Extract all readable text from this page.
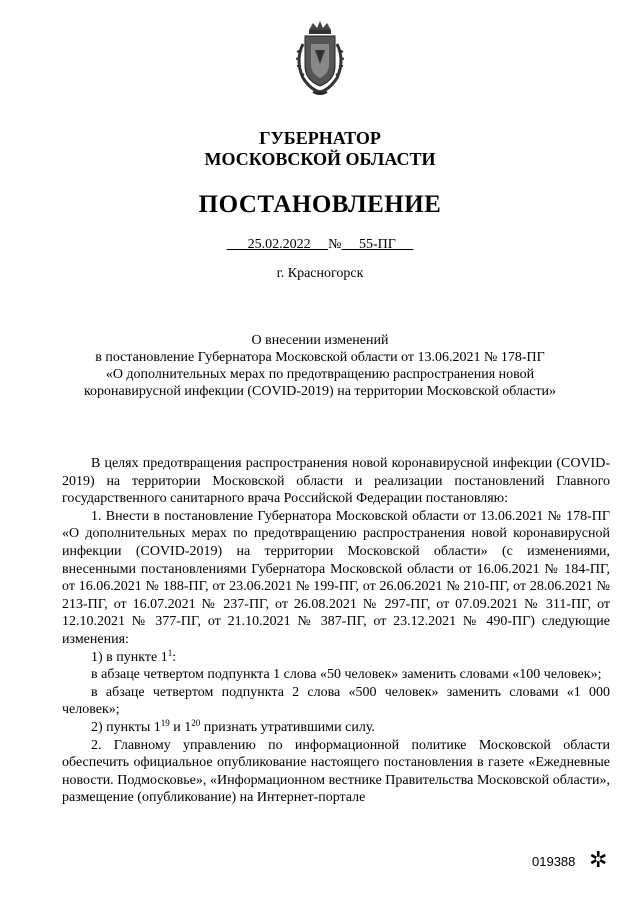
ГУБЕРНАТОР
МОСКОВСКОЙ ОБЛАСТИ
ПОСТАНОВЛЕНИЕ
25.02.2022 № 55-ПГ
г. Красногорск
О внесении изменений
в постановление Губернатора Московской области от 13.06.2021 № 178-ПГ
«О дополнительных мерах по предотвращению распространения новой
коронавирусной инфекции (COVID-2019) на территории Московской области»

В целях предотвращения распространения новой коронавирусной инфекции (COVID-2019) на территории Московской области и реализации постановлений Главного государственного санитарного врача Российской Федерации постановляю:

1. Внести в постановление Губернатора Московской области от 13.06.2021 № 178-ПГ «О дополнительных мерах по предотвращению распространения новой коронавирусной инфекции (COVID-2019) на территории Московской области» (с изменениями, внесенными постановлениями Губернатора Московской области от 16.06.2021 № 184-ПГ, от 16.06.2021 № 188-ПГ, от 23.06.2021 № 199-ПГ, от 26.06.2021 № 210-ПГ, от 28.06.2021 № 213-ПГ, от 16.07.2021 № 237-ПГ, от 26.08.2021 № 297-ПГ, от 07.09.2021 № 311-ПГ, от 12.10.2021 № 377-ПГ, от 21.10.2021 № 387-ПГ, от 23.12.2021 № 490-ПГ) следующие изменения:

1) в пункте $1^1$:

в абзаце четвертом подпункта 1 слова «50 человек» заменить словами «100 человек»;

в абзаце четвертом подпункта 2 слова «500 человек» заменить словами «1 000 человек»;

2) пункты $1^{19}$ и $1^{20}$ признать утратившими силу.

2. Главному управлению по информационной политике Московской области обеспечить официальное опубликование настоящего постановления в газете «Ежедневные новости. Подмосковье», «Информационном вестнике Правительства Московской области», размещение (опубликование) на Интернет-портале

019388 ✲
